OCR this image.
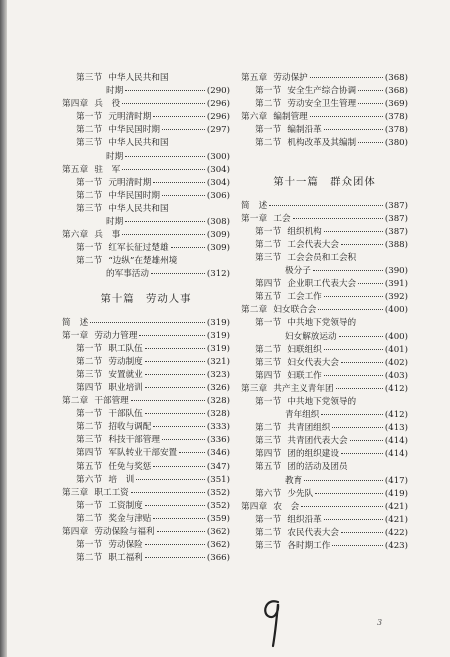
第三节 中华人民共和国
时期	(290)
第四章 兵　役	(296)
第一节 元明清时期	(296)
第二节 中华民国时期	(297)
第三节 中华人民共和国
时期	(300)
第五章 驻　军	(304)
第一节 元明清时期	(304)
第二节 中华民国时期	(306)
第三节 中华人民共和国
时期	(308)
第六章 兵　事	(309)
第一节 红军长征过楚雄	(309)
第二节 “边纵”在楚雄州境
的军事活动	(312)
第十篇　劳动人事
简　述	(319)
第一章 劳动力管理	(319)
第一节 职工队伍	(319)
第二节 劳动制度	(321)
第三节 安置就业	(323)
第四节 职业培训	(326)
第二章 干部管理	(328)
第一节 干部队伍	(328)
第二节 招收与调配	(333)
第三节 科技干部管理	(336)
第四节 军队转业干部安置	(346)
第五节 任免与奖惩	(347)
第六节 培　训	(351)
第三章 职工工资	(352)
第一节 工资制度	(352)
第二节 奖金与津贴	(359)
第四章 劳动保险与福利	(362)
第一节 劳动保险	(362)
第二节 职工福利	(366)
第五章 劳动保护	(368)
第一节 安全生产综合协调	(368)
第二节 劳动安全卫生管理	(369)
第六章 编制管理	(378)
第一节 编制沿革	(378)
第二节 机构改革及其编制	(380)
第十一篇　群众团体
简　述	(387)
第一章 工会	(387)
第一节 组织机构	(387)
第二节 工会代表大会	(388)
第三节 工会会员和工会积
极分子	(390)
第四节 企业职工代表大会	(391)
第五节 工会工作	(392)
第二章 妇女联合会	(400)
第一节 中共地下党领导的
妇女解放运动	(400)
第二节 妇联组织	(401)
第三节 妇女代表大会	(402)
第四节 妇联工作	(403)
第三章 共产主义青年团	(412)
第一节 中共地下党领导的
青年组织	(412)
第二节 共青团组织	(413)
第三节 共青团代表大会	(414)
第四节 团的组织建设	(414)
第五节 团的活动及团员
教育	(417)
第六节 少先队	(419)
第四章 农　会	(421)
第一节 组织沿革	(421)
第二节 农民代表大会	(422)
第三节 各时期工作	(423)
3
